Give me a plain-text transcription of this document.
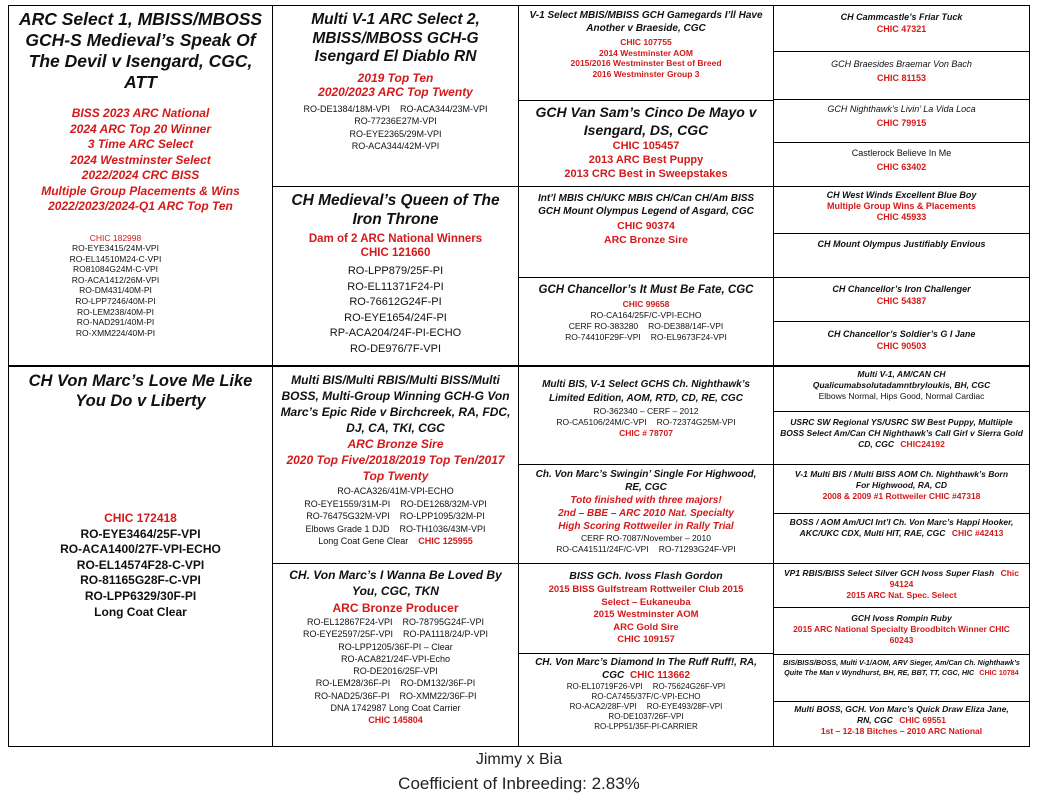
ARC Select 1, MBISS/MBOSS GCH-S Medieval’s Speak Of The Devil v Isengard, CGC, ATT
BISS 2023 ARC National
2024 ARC Top 20 Winner
3 Time ARC Select
2024 Westminster Select
2022/2024 CRC BISS
Multiple Group Placements & Wins
2022/2023/2024-Q1 ARC Top Ten
CHIC 182998
RO-EYE3415/24M-VPI
RO-EL14510M24-C-VPI
RO81084G24M-C-VPI
RO-ACA1412/26M-VPI
RO-DM431/40M-PI
RO-LPP7246/40M-PI
RO-LEM238/40M-PI
RO-NAD291/40M-PI
RO-XMM224/40M-PI
CH Von Marc’s Love Me Like You Do v Liberty
CHIC 172418
RO-EYE3464/25F-VPI
RO-ACA1400/27F-VPI-ECHO
RO-EL14574F28-C-VPI
RO-81165G28F-C-VPI
RO-LPP6329/30F-PI
Long Coat Clear
Multi V-1 ARC Select 2, MBISS/MBOSS GCH-G Isengard El Diablo RN
2019 Top Ten
2020/2023 ARC Top Twenty
RO-DE1384/18M-VPI RO-ACA344/23M-VPI
RO-77236E27M-VPI
RO-EYE2365/29M-VPI
RO-ACA344/42M-VPI
CH Medieval’s Queen of The Iron Throne
Dam of 2 ARC National Winners
CHIC 121660
RO-LPP879/25F-PI
RO-EL11371F24-PI
RO-76612G24F-PI
RO-EYE1654/24F-PI
RP-ACA204/24F-PI-ECHO
RO-DE976/7F-VPI
Multi BIS/Multi RBIS/Multi BISS/Multi BOSS, Multi-Group Winning GCH-G Von Marc’s Epic Ride v Birchcreek, RA, FDC, DJ, CA, TKI, CGC
ARC Bronze Sire
2020 Top Five/2018/2019 Top Ten/2017 Top Twenty
RO-ACA326/41M-VPI-ECHO
RO-EYE1559/31M-PI RO-DE1268/32M-VPI
RO-76475G32M-VPI RO-LPP1095/32M-PI
Elbows Grade 1 DJD RO-TH1036/43M-VPI
Long Coat Gene Clear CHIC 125955
CH. Von Marc’s I Wanna Be Loved By You, CGC, TKN
ARC Bronze Producer
RO-EL12867F24-VPI RO-78795G24F-VPI
RO-EYE2597/25F-VPI RO-PA1118/24/P-VPI
RO-LPP1205/36F-PI – Clear
RO-ACA821/24F-VPI-Echo
RO-DE2016/25F-VPI
RO-LEM28/36F-PI RO-DM132/36F-PI
RO-NAD25/36F-PI RO-XMM22/36F-PI
DNA 1742987 Long Coat Carrier
CHIC 145804
V-1 Select MBIS/MBISS GCH Gamegards I’ll Have Another v Braeside, CGC
CHIC 107755
2014 Westminster AOM
2015/2016 Westminster Best of Breed
2016 Westminster Group 3
GCH Van Sam’s Cinco De Mayo v Isengard, DS, CGC
CHIC 105457
2013 ARC Best Puppy
2013 CRC Best in Sweepstakes
Int’l MBIS CH/UKC MBIS CH/Can CH/Am BISS GCH Mount Olympus Legend of Asgard, CGC
CHIC 90374
ARC Bronze Sire
GCH Chancellor’s It Must Be Fate, CGC
CHIC 99658
RO-CA164/25F/C-VPI-ECHO
CERF RO-383280 RO-DE388/14F-VPI
RO-74410F29F-VPI RO-EL9673F24-VPI
Multi BIS, V-1 Select GCHS Ch. Nighthawk’s Limited Edition, AOM, RTD, CD, RE, CGC
RO-362340 – CERF – 2012
RO-CA5106/24M/C-VPI RO-72374G25M-VPI
CHIC # 78707
Ch. Von Marc’s Swingin’ Single For Highwood, RE, CGC
Toto finished with three majors!
2nd – BBE – ARC 2010 Nat. Specialty
High Scoring Rottweiler in Rally Trial
CERF RO-7087/November – 2010
RO-CA41511/24F/C-VPI RO-71293G24F-VPI
BISS GCh. Ivoss Flash Gordon
2015 BISS Gulfstream Rottweiler Club 2015 Select – Eukaneuba
2015 Westminster AOM
ARC Gold Sire
CHIC 109157
CH. Von Marc’s Diamond In The Ruff Ruff!, RA, CGC CHIC 113662
RO-EL10719F26-VPI RO-75624G26F-VPI
RO-CA7455/37F/C-VPI-ECHO
RO-ACA2/28F-VPI RO-EYE493/28F-VPI
RO-DE1037/26F-VPI
RO-LPP51/35F-PI-CARRIER
CH Cammcastle’s Friar Tuck
CHIC 47321
GCH Braesides Braemar Von Bach
CHIC 81153
GCH Nighthawk’s Livin’ La Vida Loca
CHIC 79915
Castlerock Believe In Me
CHIC 63402
CH West Winds Excellent Blue Boy
Multiple Group Wins & Placements
CHIC 45933
CH Mount Olympus Justifiably Envious
CH Chancellor’s Iron Challenger
CHIC 54387
CH Chancellor’s Soldier’s G I Jane
CHIC 90503
Multi V-1, AM/CAN CH Qualicumabsolutadamntbryloukis, BH, CGC
Elbows Normal, Hips Good, Normal Cardiac
USRC SW Regional YS/USRC SW Best Puppy, Multiiple BOSS Select Am/Can CH Nighthawk’s Call Girl v Sierra Gold CD, CGC CHIC24192
V-1 Multi BIS / Multi BISS AOM Ch. Nighthawk’s Born For Highwood, RA, CD
2008 & 2009 #1 Rottweiler CHIC #47318
BOSS / AOM Am/UCI Int’l Ch. Von Marc’s Happi Hooker, AKC/UKC CDX, Multi HIT, RAE, CGC CHIC #42413
VP1 RBIS/BISS Select Silver GCH Ivoss Super Flash Chic 94124
2015 ARC Nat. Spec. Select
GCH Ivoss Rompin Ruby
2015 ARC National Specialty Broodbitch Winner CHIC 60243
BIS/BISS/BOSS, Multi V-1/AOM, ARV Sieger, Am/Can Ch. Nighthawk’s Quite The Man v Wyndhurst, BH, RE, BBT, TT, CGC, HIC CHIC 10784
Multi BOSS, GCH. Von Marc’s Quick Draw Eliza Jane, RN, CGC CHIC 69551
1st – 12-18 Bitches – 2010 ARC National
Jimmy x Bia
Coefficient of Inbreeding: 2.83%
